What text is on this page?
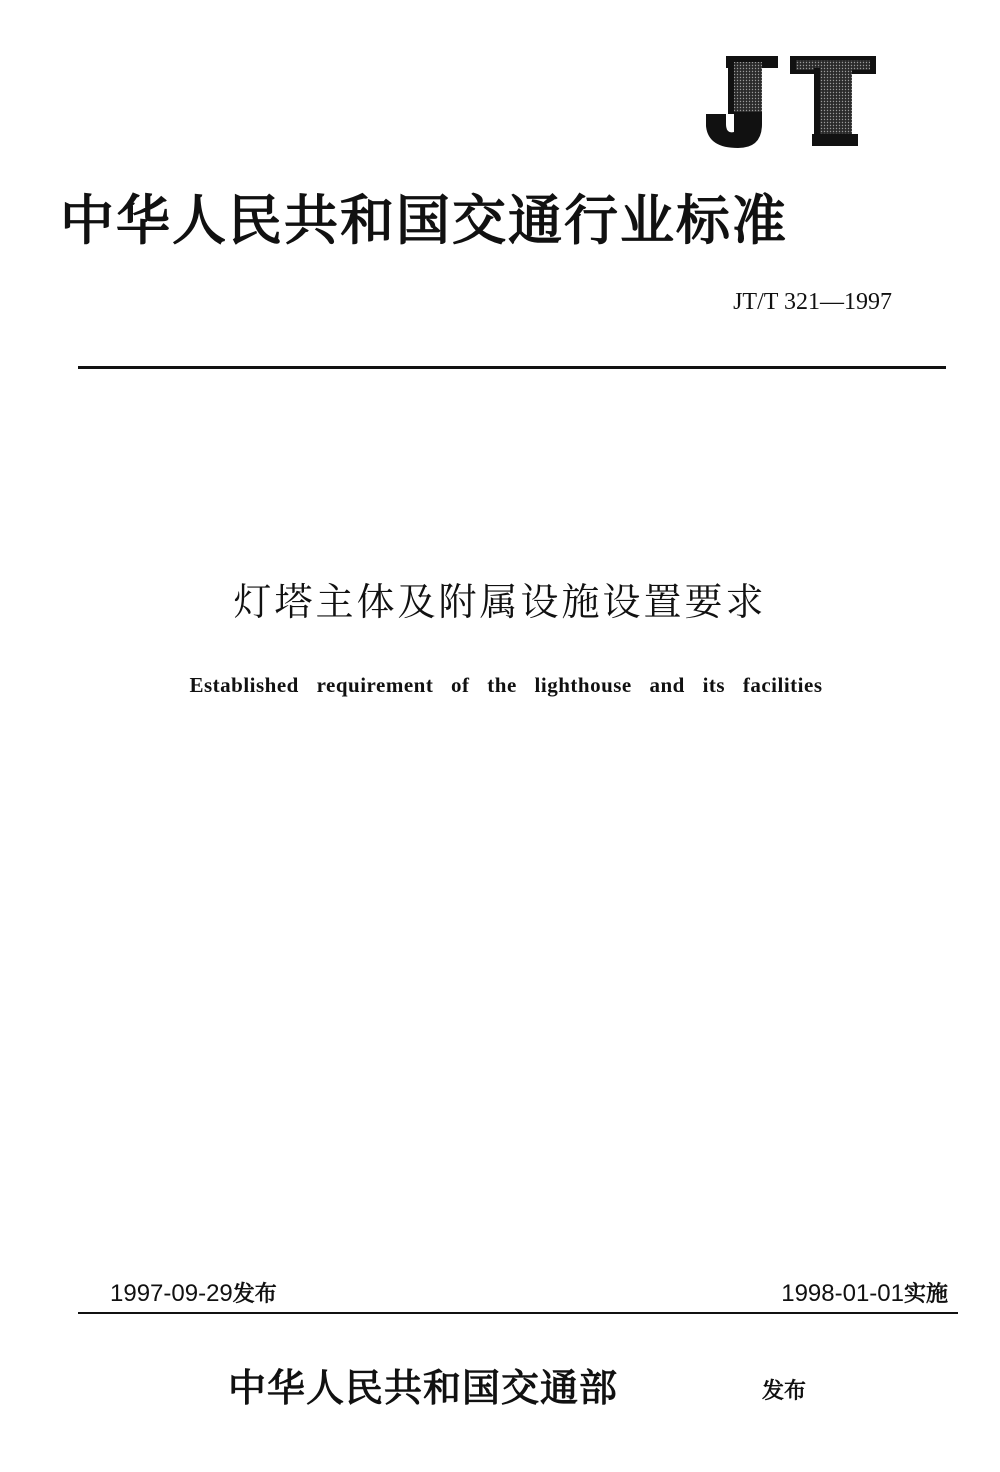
中华人民共和国交通行业标准
JT/T 321—1997
灯塔主体及附属设施设置要求
Established requirement of the lighthouse and its facilities
1997-09-29发布	1998-01-01实施
中华人民共和国交通部	发布
